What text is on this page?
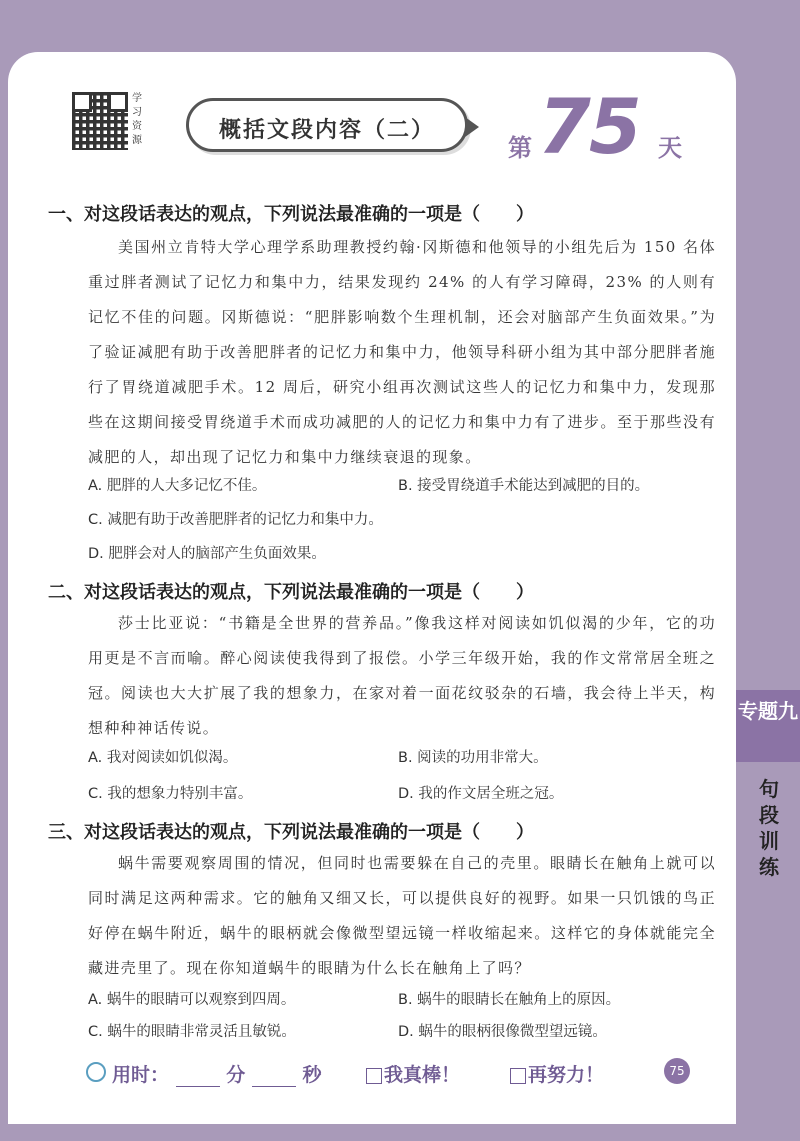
学习资源	概括文段内容（二）
第 75 天
一、对这段话表达的观点，下列说法最准确的一项是（　　）
美国州立肯特大学心理学系助理教授约翰·冈斯德和他领导的小组先后为 150 名体重过胖者测试了记忆力和集中力，结果发现约 24% 的人有学习障碍，23% 的人则有记忆不佳的问题。冈斯德说：“肥胖影响数个生理机制，还会对脑部产生负面效果。”为了验证减肥有助于改善肥胖者的记忆力和集中力，他领导科研小组为其中部分肥胖者施行了胃绕道减肥手术。12 周后，研究小组再次测试这些人的记忆力和集中力，发现那些在这期间接受胃绕道手术而成功减肥的人的记忆力和集中力有了进步。至于那些没有减肥的人，却出现了记忆力和集中力继续衰退的现象。
A. 肥胖的人大多记忆不佳。	B. 接受胃绕道手术能达到减肥的目的。
C. 减肥有助于改善肥胖者的记忆力和集中力。
D. 肥胖会对人的脑部产生负面效果。
二、对这段话表达的观点，下列说法最准确的一项是（　　）
莎士比亚说：“书籍是全世界的营养品。”像我这样对阅读如饥似渴的少年，它的功用更是不言而喻。醉心阅读使我得到了报偿。小学三年级开始，我的作文常常居全班之冠。阅读也大大扩展了我的想象力，在家对着一面花纹驳杂的石墙，我会待上半天，构想种种神话传说。
A. 我对阅读如饥似渴。	B. 阅读的功用非常大。
C. 我的想象力特别丰富。	D. 我的作文居全班之冠。
三、对这段话表达的观点，下列说法最准确的一项是（　　）
蜗牛需要观察周围的情况，但同时也需要躲在自己的壳里。眼睛长在触角上就可以同时满足这两种需求。它的触角又细又长，可以提供良好的视野。如果一只饥饿的鸟正好停在蜗牛附近，蜗牛的眼柄就会像微型望远镜一样收缩起来。这样它的身体就能完全藏进壳里了。现在你知道蜗牛的眼睛为什么长在触角上了吗？
A. 蜗牛的眼睛可以观察到四周。	B. 蜗牛的眼睛长在触角上的原因。
C. 蜗牛的眼睛非常灵活且敏锐。	D. 蜗牛的眼柄很像微型望远镜。
专题九
句段训练
用时：	分	秒	我真棒！	再努力！	75
